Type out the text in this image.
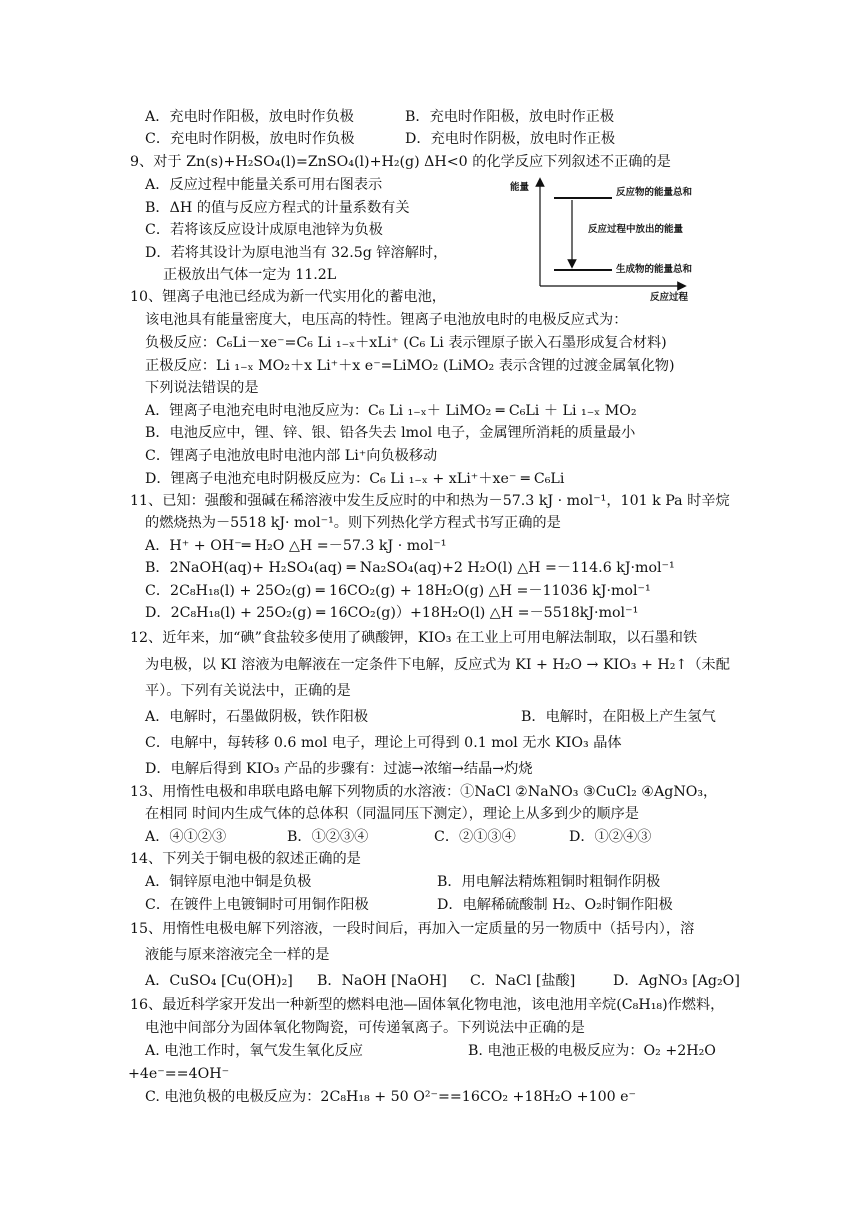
A．充电时作阳极，放电时作负极	B．充电时作阳极，放电时作正极
C．充电时作阴极，放电时作负极	D．充电时作阴极，放电时作正极
9、对于 Zn(s)+H₂SO₄(l)=ZnSO₄(l)+H₂(g) ΔH<0 的化学反应下列叙述不正确的是
A．反应过程中能量关系可用右图表示
B．ΔH 的值与反应方程式的计量系数有关
C．若将该反应设计成原电池锌为负极
D．若将其设计为原电池当有 32.5g 锌溶解时，
正极放出气体一定为 11.2L
能量
反应过程
反应物的能量总和
反应过程中放出的能量
生成物的能量总和
10、锂离子电池已经成为新一代实用化的蓄电池，
该电池具有能量密度大，电压高的特性。锂离子电池放电时的电极反应式为：
负极反应：C₆Li－xe⁻=C₆ Li ₁₋ₓ＋xLi⁺ (C₆ Li 表示锂原子嵌入石墨形成复合材料)
正极反应：Li ₁₋ₓ MO₂＋x Li⁺＋x e⁻=LiMO₂ (LiMO₂ 表示含锂的过渡金属氧化物)
下列说法错误的是
A．锂离子电池充电时电池反应为：C₆ Li ₁₋ₓ＋ LiMO₂ ═ C₆Li ＋ Li ₁₋ₓ MO₂
B．电池反应中，锂、锌、银、铅各失去 lmol 电子，金属锂所消耗的质量最小
C．锂离子电池放电时电池内部 Li⁺向负极移动
D．锂离子电池充电时阴极反应为：C₆ Li ₁₋ₓ + xLi⁺＋xe⁻ ═ C₆Li
11、已知：强酸和强碱在稀溶液中发生反应时的中和热为－57.3 kJ · mol⁻¹，101 k Pa 时辛烷
的燃烧热为－5518 kJ· mol⁻¹。则下列热化学方程式书写正确的是
A．H⁺ + OH⁻═ H₂O △H =－57.3 kJ · mol⁻¹
B．2NaOH(aq)+ H₂SO₄(aq) ═ Na₂SO₄(aq)+2 H₂O(l) △H =－114.6 kJ·mol⁻¹
C．2C₈H₁₈(l) + 25O₂(g) ═ 16CO₂(g) + 18H₂O(g) △H =－11036 kJ·mol⁻¹
D．2C₈H₁₈(l) + 25O₂(g) ═ 16CO₂(g)）+18H₂O(l) △H =－5518kJ·mol⁻¹
12、近年来，加“碘”食盐较多使用了碘酸钾，KIO₃ 在工业上可用电解法制取，以石墨和铁
为电极，以 KI 溶液为电解液在一定条件下电解，反应式为 KI + H₂O → KIO₃ + H₂↑（未配
平）。下列有关说法中，正确的是
A．电解时，石墨做阴极，铁作阳极	B．电解时，在阳极上产生氢气
C．电解中，每转移 0.6 mol 电子，理论上可得到 0.1 mol 无水 KIO₃ 晶体
D．电解后得到 KIO₃ 产品的步骤有：过滤→浓缩→结晶→灼烧
13、用惰性电极和串联电路电解下列物质的水溶液：①NaCl ②NaNO₃ ③CuCl₂ ④AgNO₃，
在相同 时间内生成气体的总体积（同温同压下测定），理论上从多到少的顺序是
A．④①②③	B．①②③④	C．②①③④	D．①②④③
14、下列关于铜电极的叙述正确的是
A．铜锌原电池中铜是负极	B．用电解法精炼粗铜时粗铜作阴极
C．在镀件上电镀铜时可用铜作阳极	D．电解稀硫酸制 H₂、O₂时铜作阳极
15、用惰性电极电解下列溶液，一段时间后，再加入一定质量的另一物质中（括号内），溶
液能与原来溶液完全一样的是
A．CuSO₄ [Cu(OH)₂] B．NaOH [NaOH] C．NaCl [盐酸]	D．AgNO₃ [Ag₂O]
16、最近科学家开发出一种新型的燃料电池—固体氧化物电池，该电池用辛烷(C₈H₁₈)作燃料，
电池中间部分为固体氧化物陶瓷，可传递氧离子。下列说法中正确的是
A. 电池工作时，氧气发生氧化反应	B. 电池正极的电极反应为：O₂ +2H₂O
+4e⁻==4OH⁻
C. 电池负极的电极反应为：2C₈H₁₈ + 50 O²⁻==16CO₂ +18H₂O +100 e⁻
